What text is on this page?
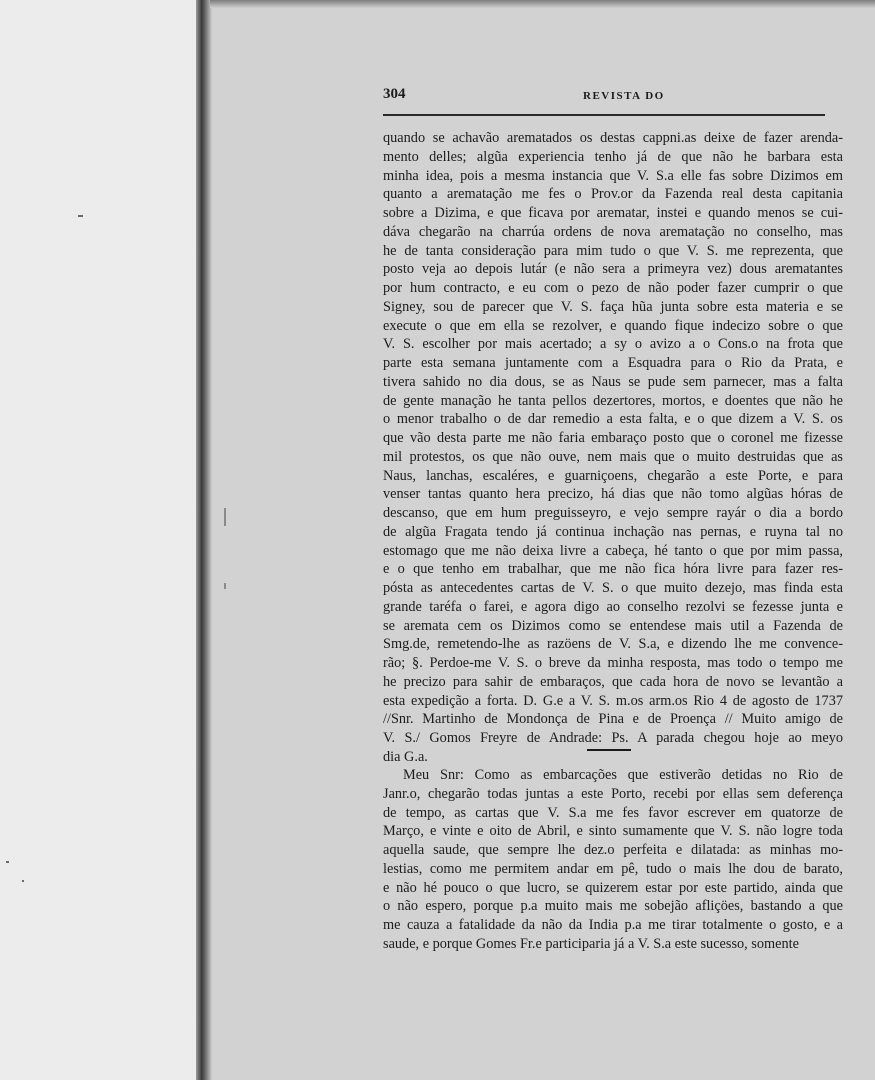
304	REVISTA DO
quando se achavão arematados os destas cappni.as deixe de fazer arenda-
mento delles; algũa experiencia tenho já de que não he barbara esta
minha idea, pois a mesma instancia que V. S.a elle fas sobre Dizimos em
quanto a arematação me fes o Prov.or da Fazenda real desta capitania
sobre a Dizima, e que ficava por arematar, instei e quando menos se cui-
dáva chegarão na charrúa ordens de nova arematação no conselho, mas
he de tanta consideração para mim tudo o que V. S. me reprezenta, que
posto veja ao depois lutár (e não sera a primeyra vez) dous arematantes
por hum contracto, e eu com o pezo de não poder fazer cumprir o que
Signey, sou de parecer que V. S. faça hũa junta sobre esta materia e se
execute o que em ella se rezolver, e quando fique indecizo sobre o que
V. S. escolher por mais acertado; a sy o avizo a o Cons.o na frota que
parte esta semana juntamente com a Esquadra para o Rio da Prata, e
tivera sahido no dia dous, se as Naus se pude sem parnecer, mas a falta
de gente manação he tanta pellos dezertores, mortos, e doentes que não he
o menor trabalho o de dar remedio a esta falta, e o que dizem a V. S. os
que vão desta parte me não faria embaraço posto que o coronel me fizesse
mil protestos, os que não ouve, nem mais que o muito destruidas que as
Naus, lanchas, escaléres, e guarniçoens, chegarão a este Porte, e para
venser tantas quanto hera precizo, há dias que não tomo algũas hóras de
descanso, que em hum preguisseyro, e vejo sempre rayár o dia a bordo
de algũa Fragata tendo já continua inchação nas pernas, e ruyna tal no
estomago que me não deixa livre a cabeça, hé tanto o que por mim passa,
e o que tenho em trabalhar, que me não fica hóra livre para fazer res-
pósta as antecedentes cartas de V. S. o que muito dezejo, mas finda esta
grande taréfa o farei, e agora digo ao conselho rezolvi se fezesse junta e
se aremata cem os Dizimos como se entendese mais util a Fazenda de
Smg.de, remetendo-lhe as razöens de V. S.a, e dizendo lhe me convence-
rão; §. Perdoe-me V. S. o breve da minha resposta, mas todo o tempo me
he precizo para sahir de embaraços, que cada hora de novo se levantão a
esta expedição a forta. D. G.e a V. S. m.os arm.os Rio 4 de agosto de 1737
//Snr. Martinho de Mondonça de Pina e de Proença // Muito amigo de
V. S./ Gomos Freyre de Andrade: Ps. A parada chegou hoje ao meyo
dia G.a.
Meu Snr: Como as embarcações que estiverão detidas no Rio de
Janr.o, chegarão todas juntas a este Porto, recebi por ellas sem deferença
de tempo, as cartas que V. S.a me fes favor escrever em quatorze de
Março, e vinte e oito de Abril, e sinto sumamente que V. S. não logre toda
aquella saude, que sempre lhe dez.o perfeita e dilatada: as minhas mo-
lestias, como me permitem andar em pê, tudo o mais lhe dou de barato,
e não hé pouco o que lucro, se quizerem estar por este partido, ainda que
o não espero, porque p.a muito mais me sobejão afliçöes, bastando a que
me cauza a fatalidade da não da India p.a me tirar totalmente o gosto, e a
saude, e porque Gomes Fr.e participaria já a V. S.a este sucesso, somente
